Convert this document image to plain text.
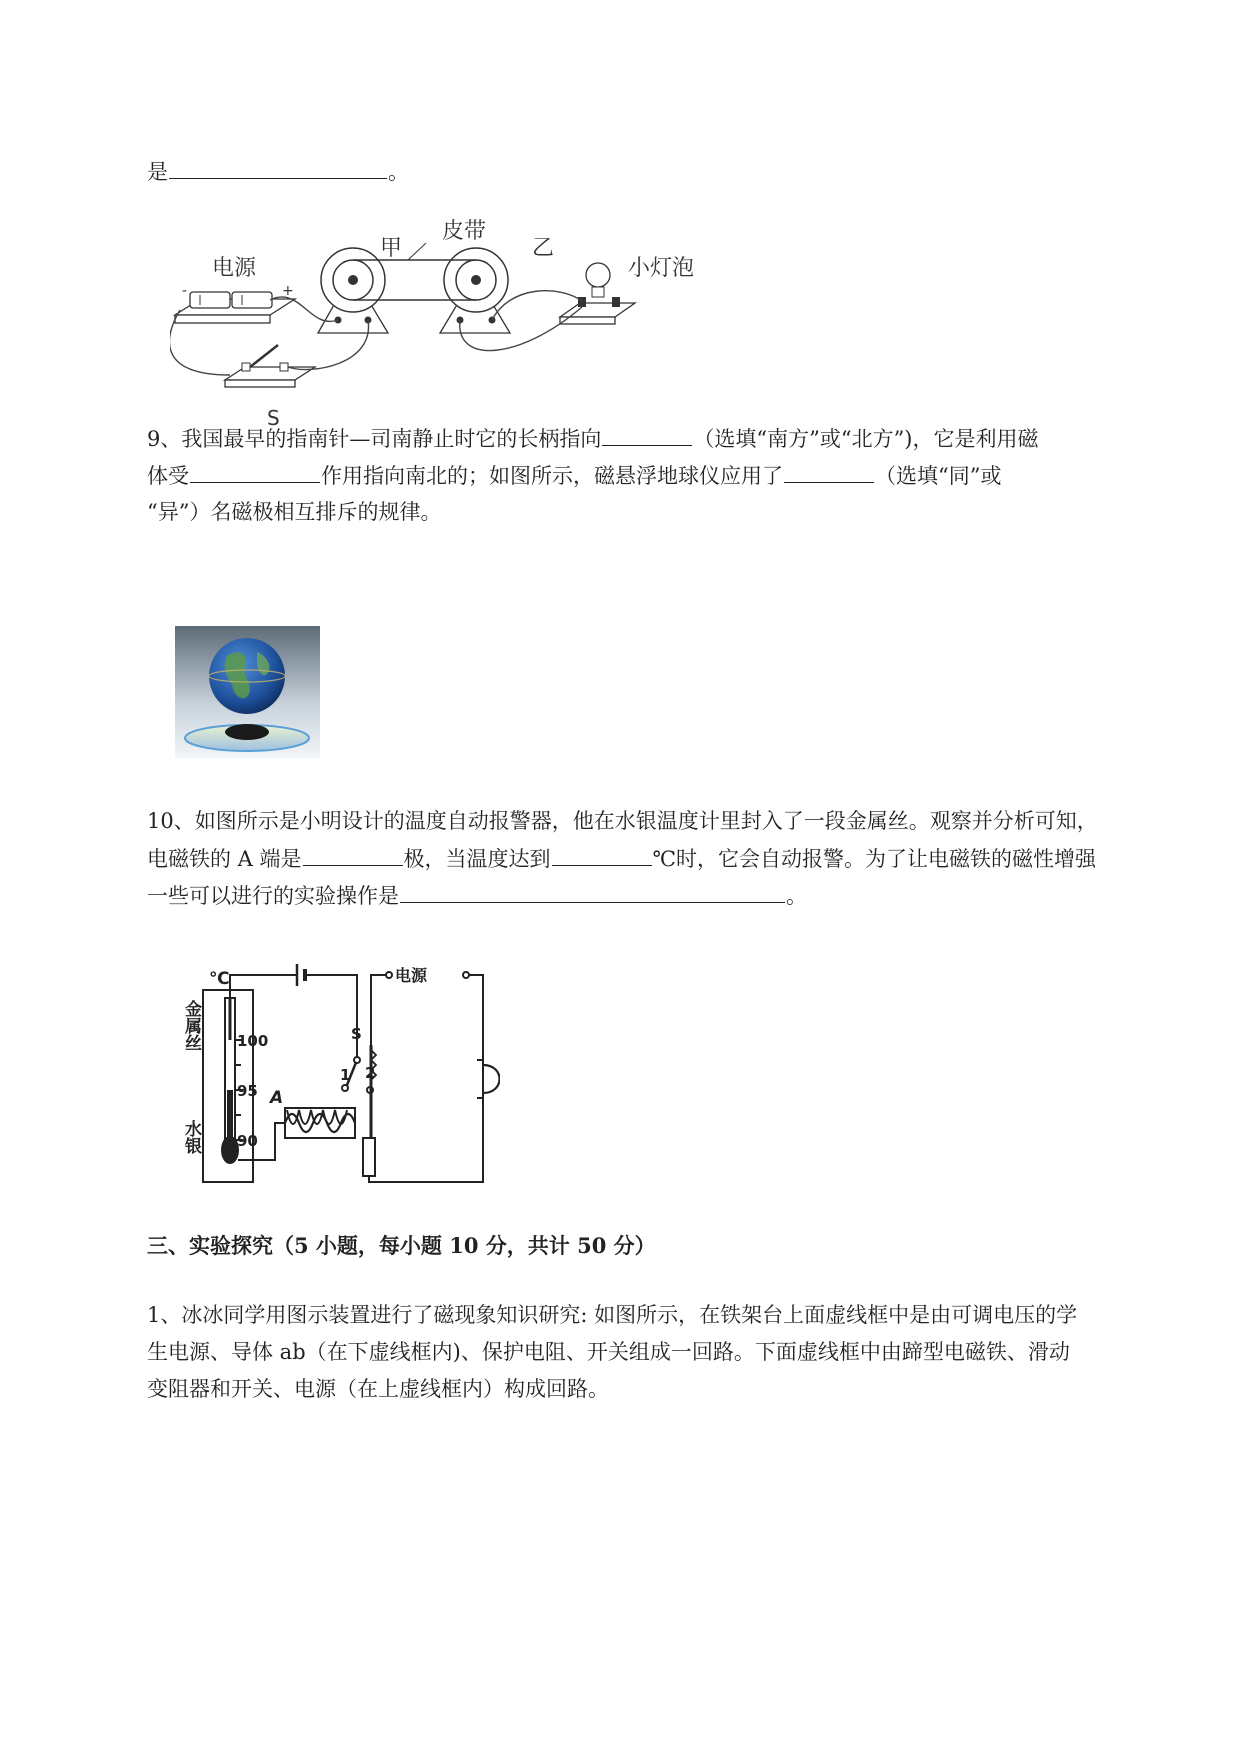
是	。
电源
甲
皮带
乙
小灯泡
S
-	+
9、我国最早的指南针—司南静止时它的长柄指向	（选填“南方”或“北方”)，它是利用磁
体受	作用指向南北的；如图所示，磁悬浮地球仪应用了	（选填“同”或
“异”）名磁极相互排斥的规律。
10、如图所示是小明设计的温度自动报警器，他在水银温度计里封入了一段金属丝。观察并分析可知，
电磁铁的 A 端是	极，当温度达到	℃时，它会自动报警。为了让电磁铁的磁性增强
一些可以进行的实验操作是	。
℃
100
95
90
金属丝
水银
A
S
1 2
电源
三、实验探究（5 小题，每小题 10 分，共计 50 分）
1、冰冰同学用图示装置进行了磁现象知识研究: 如图所示，在铁架台上面虚线框中是由可调电压的学
生电源、导体 ab（在下虚线框内)、保护电阻、开关组成一回路。下面虚线框中由蹄型电磁铁、滑动
变阻器和开关、电源（在上虚线框内）构成回路。
